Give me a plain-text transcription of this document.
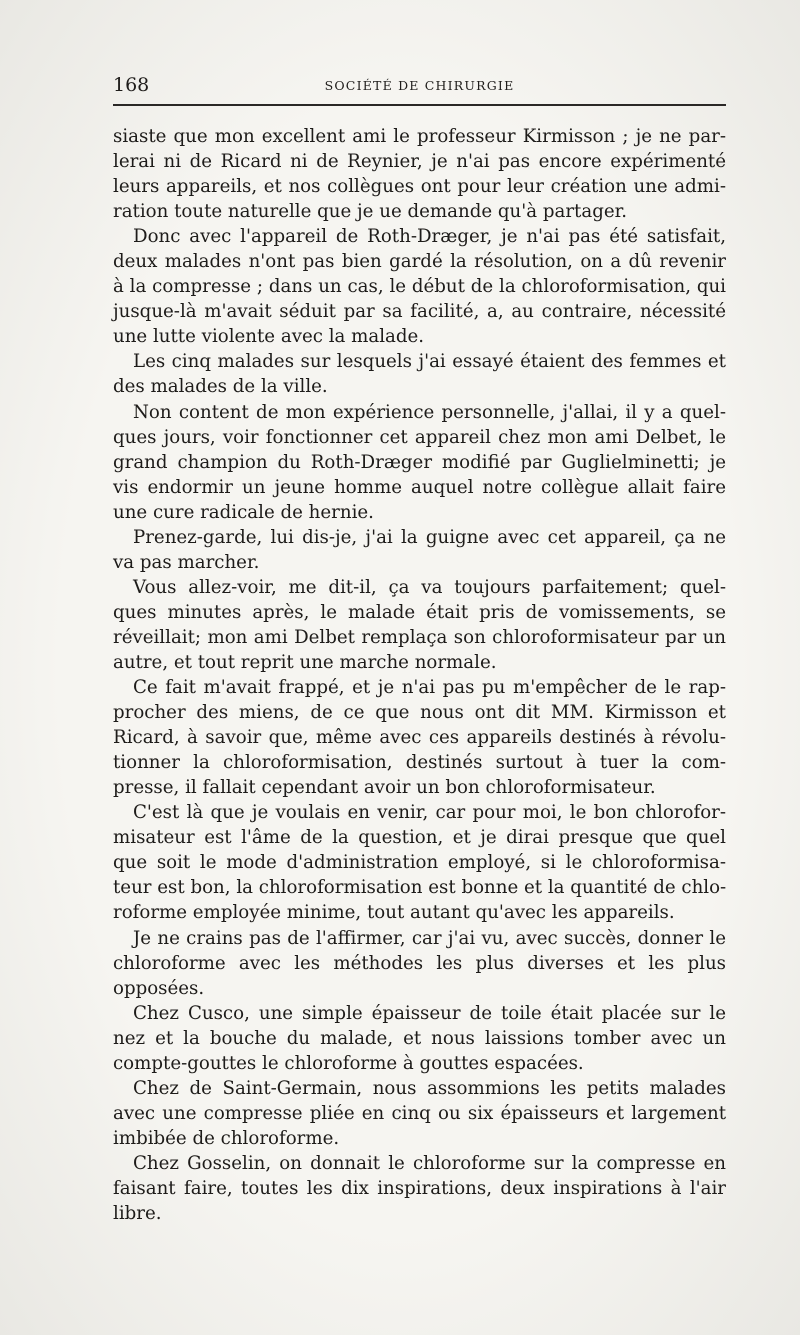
168	SOCIÉTÉ DE CHIRURGIE
siaste que mon excellent ami le professeur Kirmisson ; je ne par-
lerai ni de Ricard ni de Reynier, je n'ai pas encore expérimenté
leurs appareils, et nos collègues ont pour leur création une admi-
ration toute naturelle que je ue demande qu'à partager.
Donc avec l'appareil de Roth-Dræger, je n'ai pas été satisfait,
deux malades n'ont pas bien gardé la résolution, on a dû revenir
à la compresse ; dans un cas, le début de la chloroformisation, qui
jusque-là m'avait séduit par sa facilité, a, au contraire, nécessité
une lutte violente avec la malade.
Les cinq malades sur lesquels j'ai essayé étaient des femmes et
des malades de la ville.
Non content de mon expérience personnelle, j'allai, il y a quel-
ques jours, voir fonctionner cet appareil chez mon ami Delbet, le
grand champion du Roth-Dræger modifié par Guglielminetti; je
vis endormir un jeune homme auquel notre collègue allait faire
une cure radicale de hernie.
Prenez-garde, lui dis-je, j'ai la guigne avec cet appareil, ça ne
va pas marcher.
Vous allez-voir, me dit-il, ça va toujours parfaitement; quel-
ques minutes après, le malade était pris de vomissements, se
réveillait; mon ami Delbet remplaça son chloroformisateur par un
autre, et tout reprit une marche normale.
Ce fait m'avait frappé, et je n'ai pas pu m'empêcher de le rap-
procher des miens, de ce que nous ont dit MM. Kirmisson et
Ricard, à savoir que, même avec ces appareils destinés à révolu-
tionner la chloroformisation, destinés surtout à tuer la com-
presse, il fallait cependant avoir un bon chloroformisateur.
C'est là que je voulais en venir, car pour moi, le bon chlorofor-
misateur est l'âme de la question, et je dirai presque que quel
que soit le mode d'administration employé, si le chloroformisa-
teur est bon, la chloroformisation est bonne et la quantité de chlo-
roforme employée minime, tout autant qu'avec les appareils.
Je ne crains pas de l'affirmer, car j'ai vu, avec succès, donner le
chloroforme avec les méthodes les plus diverses et les plus
opposées.
Chez Cusco, une simple épaisseur de toile était placée sur le
nez et la bouche du malade, et nous laissions tomber avec un
compte-gouttes le chloroforme à gouttes espacées.
Chez de Saint-Germain, nous assommions les petits malades
avec une compresse pliée en cinq ou six épaisseurs et largement
imbibée de chloroforme.
Chez Gosselin, on donnait le chloroforme sur la compresse en
faisant faire, toutes les dix inspirations, deux inspirations à l'air
libre.
